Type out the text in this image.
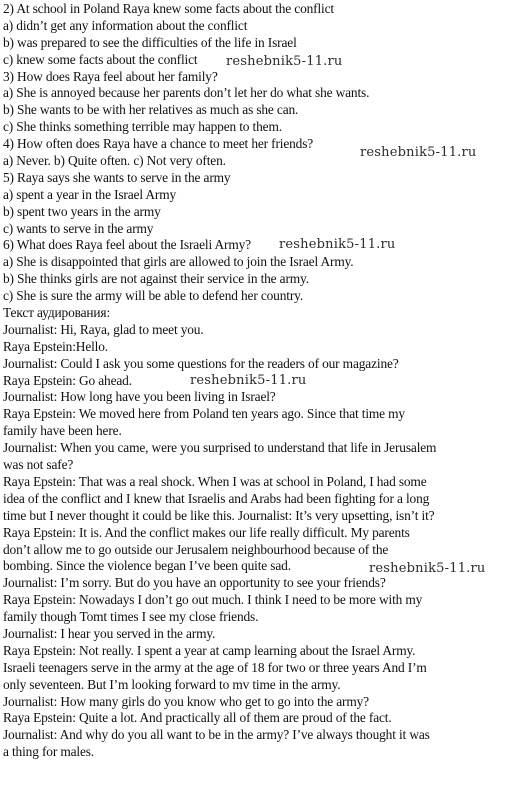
2) At school in Poland Raya knew some facts about the conflict
a) didn’t get any information about the conflict
b) was prepared to see the difficulties of the life in Israel
c) knew some facts about the conflict
3) How does Raya feel about her family?
a) She is annoyed because her parents don’t let her do what she wants.
b) She wants to be with her relatives as much as she can.
c) She thinks something terrible may happen to them.
4) How often does Raya have a chance to meet her friends?
a) Never. b) Quite often. c) Not very often.
5) Raya says she wants to serve in the army
a) spent a year in the Israel Army
b) spent two years in the army
c) wants to serve in the army
6) What does Raya feel about the Israeli Army?
a) She is disappointed that girls are allowed to join the Israel Army.
b) She thinks girls are not against their service in the army.
c) She is sure the army will be able to defend her country.
Текст аудирования:
Journalist: Hi, Raya, glad to meet you.
Raya Epstein:Hello.
Journalist: Could I ask you some questions for the readers of our magazine?
Raya Epstein: Go ahead.
Journalist: How long have you been living in Israel?
Raya Epstein: We moved here from Poland ten years ago. Since that time my
family have been here.
Journalist: When you came, were you surprised to understand that life in Jerusalem
was not safe?
Raya Epstein: That was a real shock. When I was at school in Poland, I had some
idea of the conflict and I knew that Israelis and Arabs had been fighting for a long
time but I never thought it could be like this. Journalist: It’s very upsetting, isn’t it?
Raya Epstein: It is. And the conflict makes our life really difficult. My parents
don’t allow me to go outside our Jerusalem neighbourhood because of the
bombing. Since the violence began I’ve been quite sad.
Journalist: I’m sorry. But do you have an opportunity to see your friends?
Raya Epstein: Nowadays I don’t go out much. I think I need to be more with my
family though Tomt times I see my close friends.
Journalist: I hear you served in the army.
Raya Epstein: Not really. I spent a year at camp learning about the Israel Army.
Israeli teenagers serve in the army at the age of 18 for two or three years And I’m
only seventeen. But I’m looking forward to mv time in the army.
Journalist: How many girls do you know who get to go into the army?
Raya Epstein: Quite a lot. And practically all of them are proud of the fact.
Journalist: And why do you all want to be in the army? I’ve always thought it was
a thing for males.
reshebnik5-11.ru
reshebnik5-11.ru
reshebnik5-11.ru
reshebnik5-11.ru
reshebnik5-11.ru
